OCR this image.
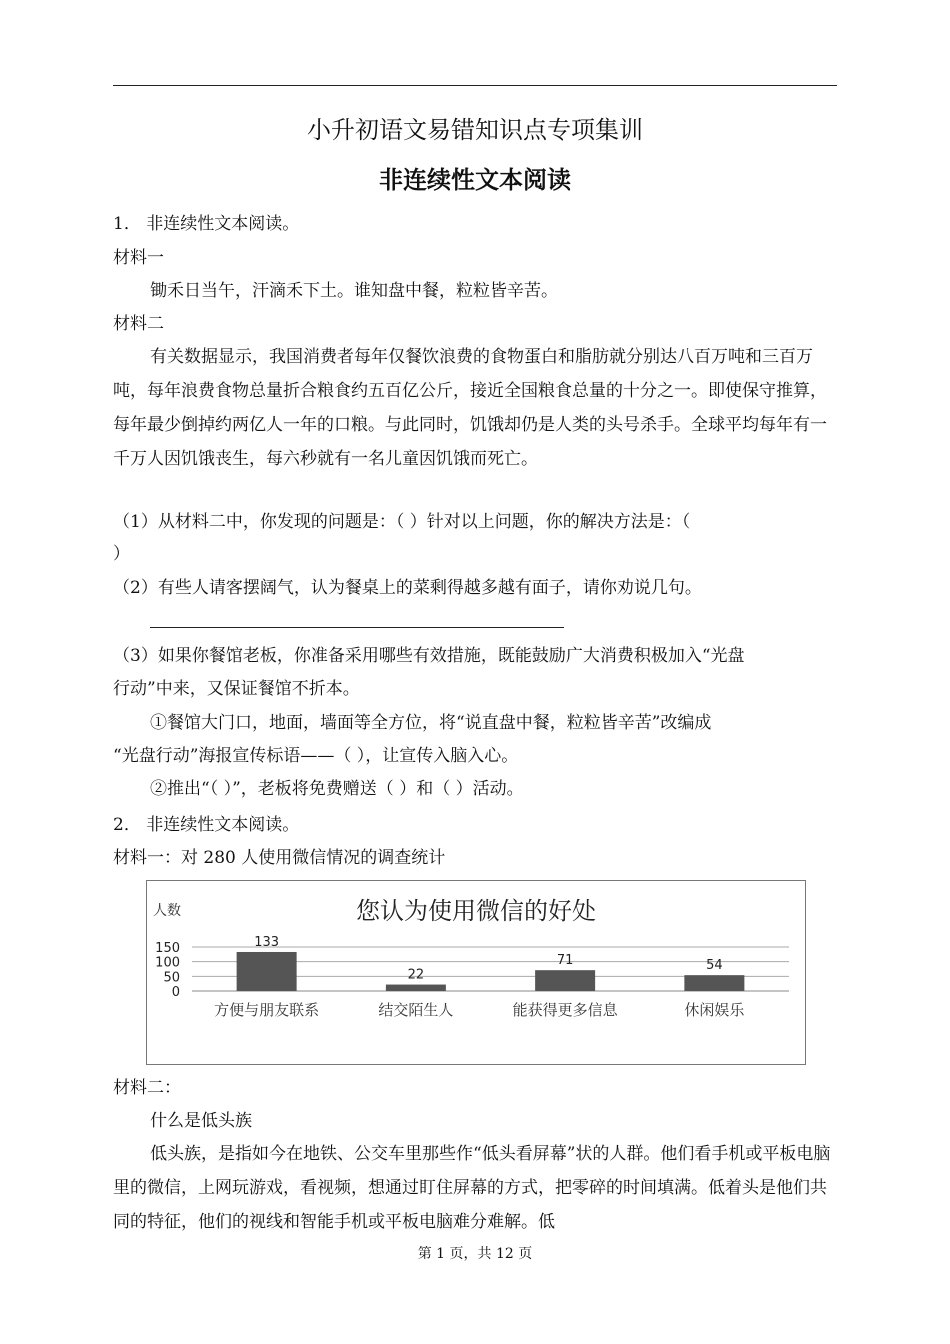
小升初语文易错知识点专项集训
非连续性文本阅读
1． 非连续性文本阅读。
材料一
锄禾日当午，汗滴禾下土。谁知盘中餐，粒粒皆辛苦。
材料二
有关数据显示，我国消费者每年仅餐饮浪费的食物蛋白和脂肪就分别达八百万吨和三百万吨，每年浪费食物总量折合粮食约五百亿公斤，接近全国粮食总量的十分之一。即使保守推算，每年最少倒掉约两亿人一年的口粮。与此同时，饥饿却仍是人类的头号杀手。全球平均每年有一千万人因饥饿丧生，每六秒就有一名儿童因饥饿而死亡。
（1）从材料二中，你发现的问题是：（ ）针对以上问题，你的解决方法是：（
）
（2）有些人请客摆阔气，认为餐桌上的菜剩得越多越有面子，请你劝说几句。
（3）如果你餐馆老板，你准备采用哪些有效措施，既能鼓励广大消费积极加入“光盘
行动”中来，又保证餐馆不折本。
①餐馆大门口，地面，墙面等全方位，将“说直盘中餐，粒粒皆辛苦”改编成
“光盘行动”海报宣传标语——（ ），让宣传入脑入心。
②推出“（ ）”，老板将免费赠送（ ）和（ ）活动。
2． 非连续性文本阅读。
材料一：对 280 人使用微信情况的调查统计
您认为使用微信的好处
人数
150
100
50
0
133
方便与朋友联系
22
结交陌生人
71
能获得更多信息
54
休闲娱乐
材料二：
什么是低头族
低头族，是指如今在地铁、公交车里那些作“低头看屏幕”状的人群。他们看手机或平板电脑里的微信，上网玩游戏，看视频，想通过盯住屏幕的方式，把零碎的时间填满。低着头是他们共同的特征，他们的视线和智能手机或平板电脑难分难解。低
第 1 页，共 12 页
